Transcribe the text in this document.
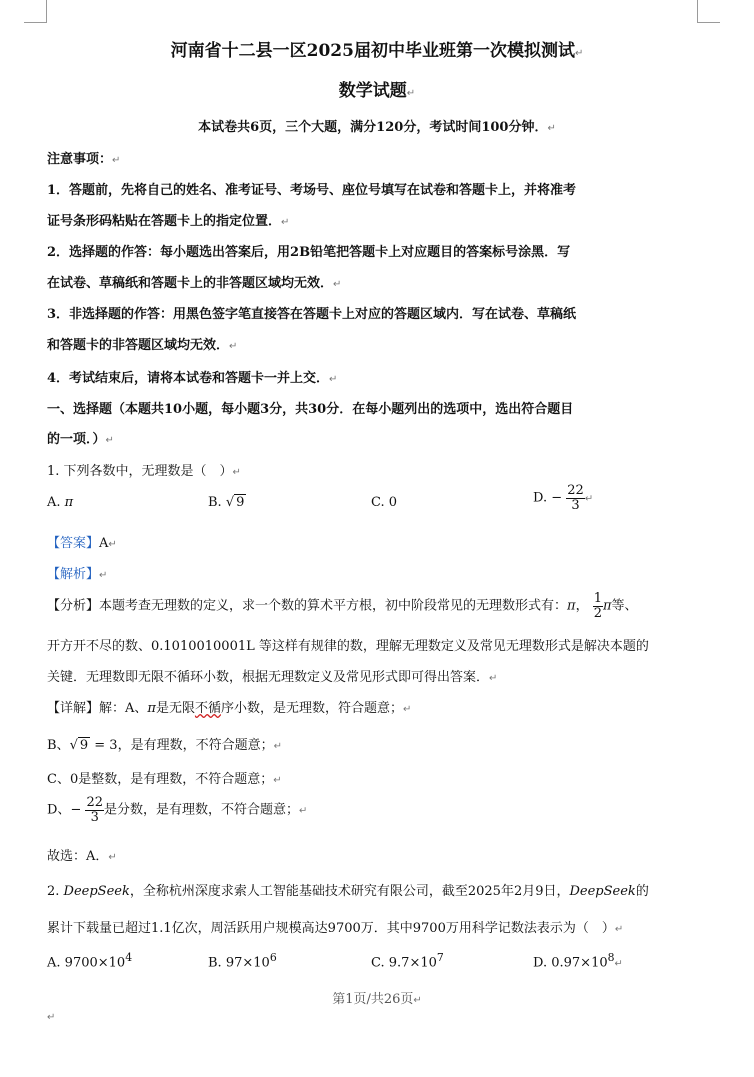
河南省十二县一区2025届初中毕业班第一次模拟测试↵
数学试题↵
本试卷共6页，三个大题，满分120分，考试时间100分钟．↵
注意事项：↵
1．答题前，先将自己的姓名、准考证号、考场号、座位号填写在试卷和答题卡上，并将准考
证号条形码粘贴在答题卡上的指定位置．↵
2．选择题的作答：每小题选出答案后，用2B铅笔把答题卡上对应题目的答案标号涂黑．写
在试卷、草稿纸和答题卡上的非答题区域均无效．↵
3．非选择题的作答：用黑色签字笔直接答在答题卡上对应的答题区域内．写在试卷、草稿纸
和答题卡的非答题区域均无效．↵
4．考试结束后，请将本试卷和答题卡一并上交．↵
一、选择题（本题共10小题，每小题3分，共30分．在每小题列出的选项中，选出符合题目
的一项．）↵
1. 下列各数中，无理数是（　）↵
A. π	B. √ 9	C. 0	D. − $\frac{22}{3}$ ↵
【答案】A↵
【解析】↵
【分析】本题考查无理数的定义，求一个数的算术平方根，初中阶段常见的无理数形式有：π， $\frac{1}{2}$ π等、
开方开不尽的数、0.1010010001L 等这样有规律的数，理解无理数定义及常见无理数形式是解决本题的
关键．无理数即无限不循环小数，根据无理数定义及常见形式即可得出答案．↵
【详解】解：A、π是无限不循序小数，是无理数，符合题意；↵
B、√ 9 = 3，是有理数，不符合题意；↵
C、0是整数，是有理数，不符合题意；↵
D、− $\frac{22}{3}$ 是分数，是有理数，不符合题意；↵
故选：A．↵
2. DeepSeek，全称杭州深度求索人工智能基础技术研究有限公司，截至2025年2月9日，DeepSeek的
累计下载量已超过1.1亿次，周活跃用户规模高达9700万．其中9700万用科学记数法表示为（　）↵
A. $9700\times 10^4$	B. $97\times 10^6$	C. $9.7\times 10^7$	D. $0.97\times 10^8↵$
第1页/共26页↵
↵
